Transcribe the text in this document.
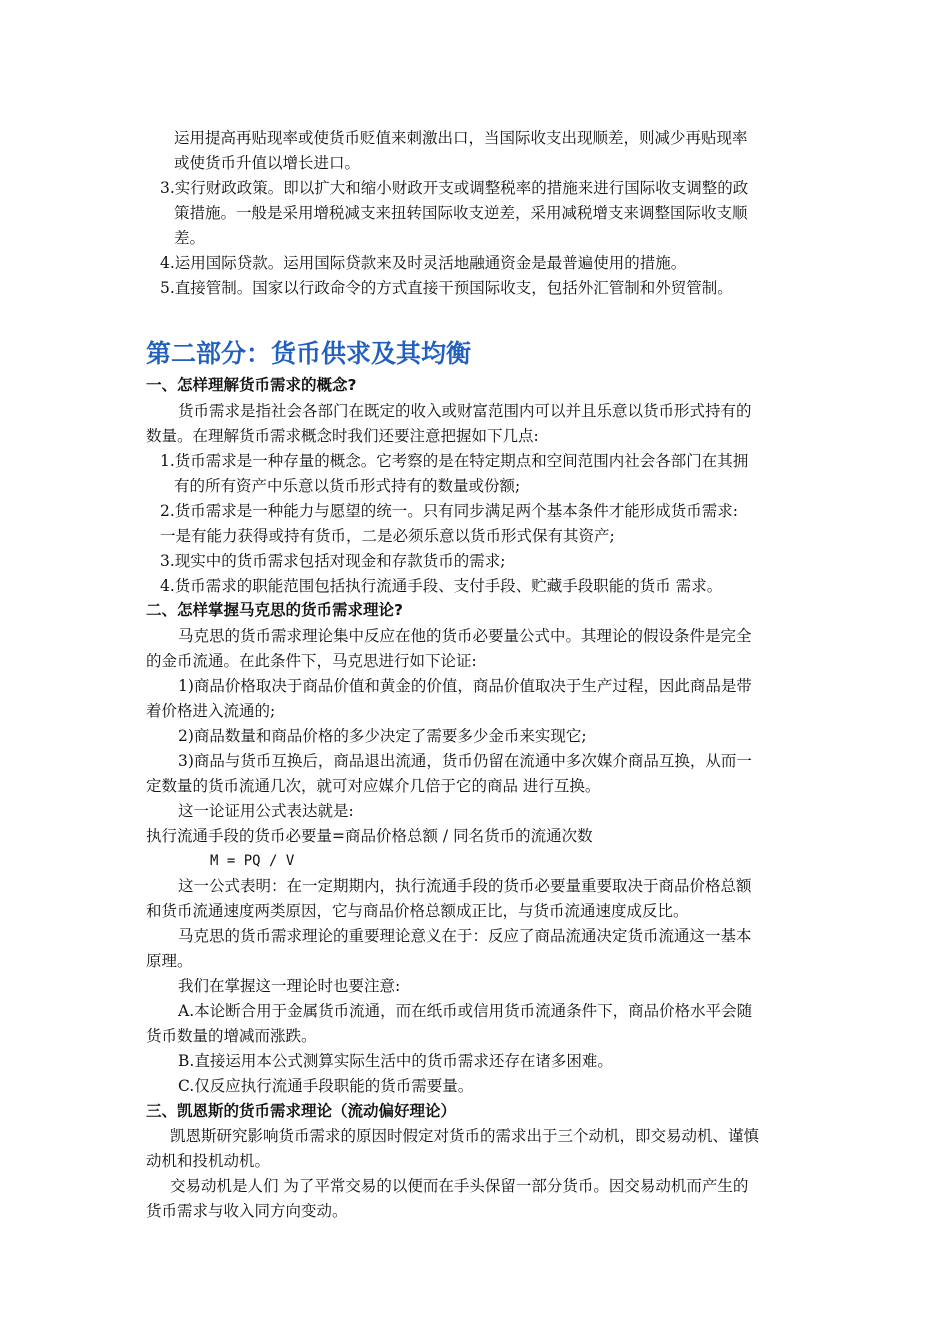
运用提高再贴现率或使货币贬值来刺激出口，当国际收支出现顺差，则减少再贴现率
或使货币升值以增长进口。
3.实行财政政策。即以扩大和缩小财政开支或调整税率的措施来进行国际收支调整的政
策措施。一般是采用增税减支来扭转国际收支逆差，采用减税增支来调整国际收支顺
差。
4.运用国际贷款。运用国际贷款来及时灵活地融通资金是最普遍使用的措施。
5.直接管制。国家以行政命令的方式直接干预国际收支，包括外汇管制和外贸管制。
第二部分：货币供求及其均衡
一、怎样理解货币需求的概念?
货币需求是指社会各部门在既定的收入或财富范围内可以并且乐意以货币形式持有的
数量。在理解货币需求概念时我们还要注意把握如下几点:
1.货币需求是一种存量的概念。它考察的是在特定期点和空间范围内社会各部门在其拥
有的所有资产中乐意以货币形式持有的数量或份额;
2.货币需求是一种能力与愿望的统一。只有同步满足两个基本条件才能形成货币需求:
一是有能力获得或持有货币，二是必须乐意以货币形式保有其资产;
3.现实中的货币需求包括对现金和存款货币的需求;
4.货币需求的职能范围包括执行流通手段、支付手段、贮藏手段职能的货币 需求。
二、怎样掌握马克思的货币需求理论?
马克思的货币需求理论集中反应在他的货币必要量公式中。其理论的假设条件是完全
的金币流通。在此条件下，马克思进行如下论证:
1)商品价格取决于商品价值和黄金的价值，商品价值取决于生产过程，因此商品是带
着价格进入流通的;
2)商品数量和商品价格的多少决定了需要多少金币来实现它;
3)商品与货币互换后，商品退出流通，货币仍留在流通中多次媒介商品互换，从而一
定数量的货币流通几次，就可对应媒介几倍于它的商品 进行互换。
这一论证用公式表达就是:
执行流通手段的货币必要量=商品价格总额 / 同名货币的流通次数
M = PQ / V
这一公式表明：在一定期期内，执行流通手段的货币必要量重要取决于商品价格总额
和货币流通速度两类原因，它与商品价格总额成正比，与货币流通速度成反比。
马克思的货币需求理论的重要理论意义在于：反应了商品流通决定货币流通这一基本
原理。
我们在掌握这一理论时也要注意:
A.本论断合用于金属货币流通，而在纸币或信用货币流通条件下，商品价格水平会随
货币数量的增减而涨跌。
B.直接运用本公式测算实际生活中的货币需求还存在诸多困难。
C.仅反应执行流通手段职能的货币需要量。
三、凯恩斯的货币需求理论（流动偏好理论）
凯恩斯研究影响货币需求的原因时假定对货币的需求出于三个动机，即交易动机、谨慎
动机和投机动机。
交易动机是人们 为了平常交易的以便而在手头保留一部分货币。因交易动机而产生的
货币需求与收入同方向变动。
